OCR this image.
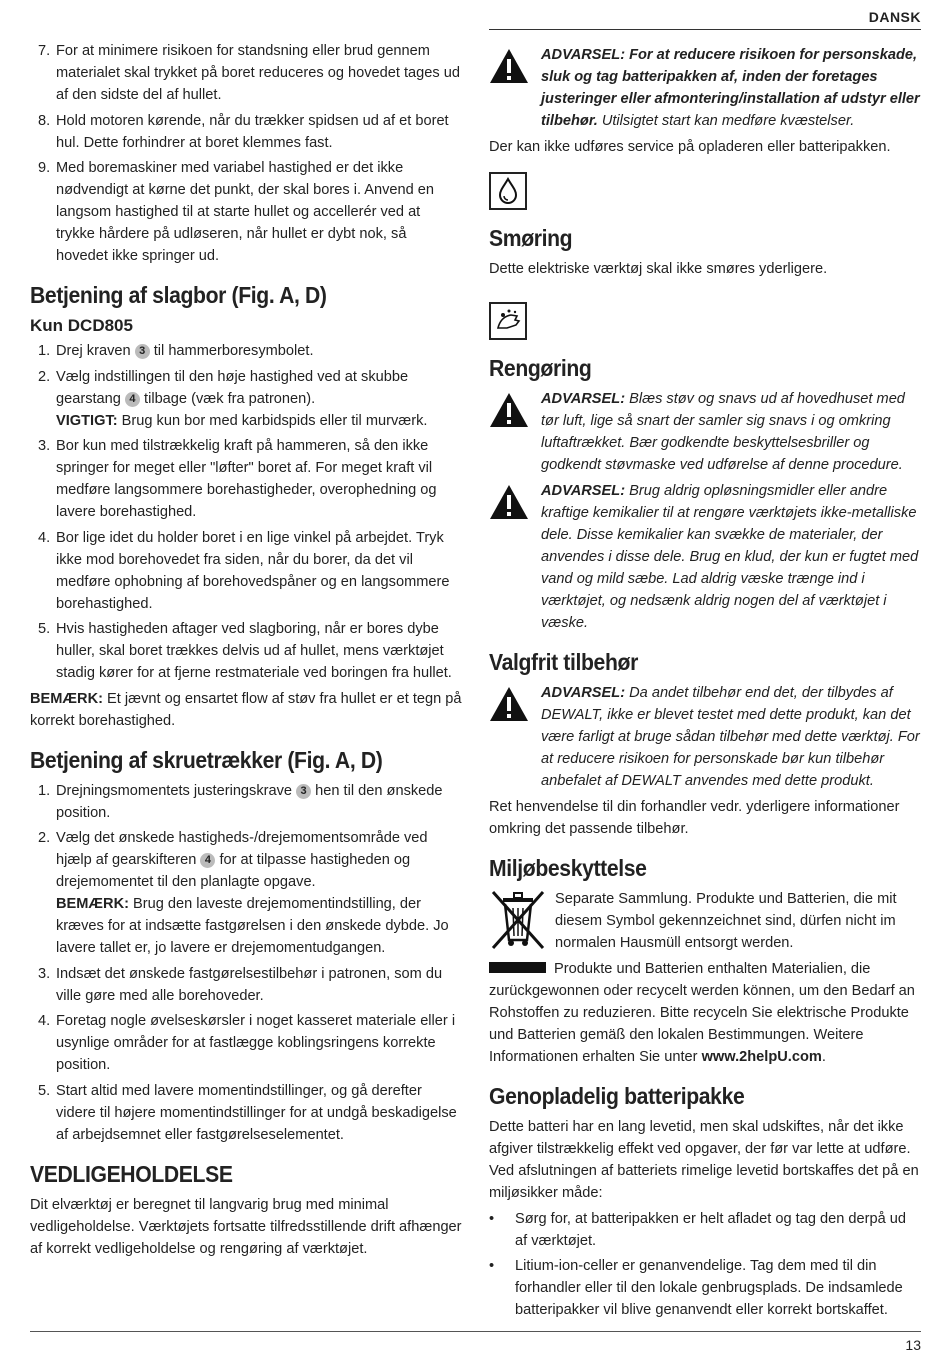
DANSK
7. For at minimere risikoen for standsning eller brud gennem materialet skal trykket på boret reduceres og hovedet tages ud af den sidste del af hullet.
8. Hold motoren kørende, når du trækker spidsen ud af et boret hul. Dette forhindrer at boret klemmes fast.
9. Med boremaskiner med variabel hastighed er det ikke nødvendigt at kørne det punkt, der skal bores i. Anvend en langsom hastighed til at starte hullet og accellerér ved at trykke hårdere på udløseren, når hullet er dybt nok, så hovedet ikke springer ud.
Betjening af slagbor (Fig. A, D)
Kun DCD805
1. Drej kraven 3 til hammerboresymbolet.
2. Vælg indstillingen til den høje hastighed ved at skubbe gearstang 4 tilbage (væk fra patronen).
VIGTIGT: Brug kun bor med karbidspids eller til murværk.
3. Bor kun med tilstrækkelig kraft på hammeren, så den ikke springer for meget eller "løfter" boret af. For meget kraft vil medføre langsommere borehastigheder, overophedning og lavere borehastighed.
4. Bor lige idet du holder boret i en lige vinkel på arbejdet. Tryk ikke mod borehovedet fra siden, når du borer, da det vil medføre ophobning af borehovedspåner og en langsommere borehastighed.
5. Hvis hastigheden aftager ved slagboring, når er bores dybe huller, skal boret trækkes delvis ud af hullet, mens værktøjet stadig kører for at fjerne restmateriale ved boringen fra hullet.

BEMÆRK: Et jævnt og ensartet flow af støv fra hullet er et tegn på korrekt borehastighed.

Betjening af skruetrækker (Fig. A, D)
1. Drejningsmomentets justeringskrave 3 hen til den ønskede position.
2. Vælg det ønskede hastigheds-/drejemomentsområde ved hjælp af gearskifteren 4 for at tilpasse hastigheden og drejemomentet til den planlagte opgave.
BEMÆRK: Brug den laveste drejemomentindstilling, der kræves for at indsætte fastgørelsen i den ønskede dybde. Jo lavere tallet er, jo lavere er drejemomentudgangen.
3. Indsæt det ønskede fastgørelsestilbehør i patronen, som du ville gøre med alle borehoveder.
4. Foretag nogle øvelseskørsler i noget kasseret materiale eller i usynlige områder for at fastlægge koblingsringens korrekte position.
5. Start altid med lavere momentindstillinger, og gå derefter videre til højere momentindstillinger for at undgå beskadigelse af arbejdsemnet eller fastgørelseselementet.
VEDLIGEHOLDELSE

Dit elværktøj er beregnet til langvarig brug med minimal vedligeholdelse. Værktøjets fortsatte tilfredsstillende drift afhænger af korrekt vedligeholdelse og rengøring af værktøjet.

ADVARSEL: For at reducere risikoen for personskade, sluk og tag batteripakken af, inden der foretages justeringer eller afmontering/installation af udstyr eller tilbehør. Utilsigtet start kan medføre kvæstelser.

Der kan ikke udføres service på opladeren eller batteripakken.

Smøring

Dette elektriske værktøj skal ikke smøres yderligere.

Rengøring
ADVARSEL: Blæs støv og snavs ud af hovedhuset med tør luft, lige så snart der samler sig snavs i og omkring luftaftrækket. Bær godkendte beskyttelsesbriller og godkendt støvmaske ved udførelse af denne procedure.
ADVARSEL: Brug aldrig opløsningsmidler eller andre kraftige kemikalier til at rengøre værktøjets ikke-metalliske dele. Disse kemikalier kan svække de materialer, der anvendes i disse dele. Brug en klud, der kun er fugtet med vand og mild sæbe. Lad aldrig væske trænge ind i værktøjet, og nedsænk aldrig nogen del af værktøjet i væske.
Valgfrit tilbehør
ADVARSEL: Da andet tilbehør end det, der tilbydes af DEWALT, ikke er blevet testet med dette produkt, kan det være farligt at bruge sådan tilbehør med dette værktøj. For at reducere risikoen for personskade bør kun tilbehør anbefalet af DEWALT anvendes med dette produkt.

Ret henvendelse til din forhandler vedr. yderligere informationer omkring det passende tilbehør.

Miljøbeskyttelse

Separate Sammlung. Produkte und Batterien, die mit diesem Symbol gekennzeichnet sind, dürfen nicht im normalen Hausmüll entsorgt werden.

Produkte und Batterien enthalten Materialien, die zurückgewonnen oder recycelt werden können, um den Bedarf an Rohstoffen zu reduzieren. Bitte recyceln Sie elektrische Produkte und Batterien gemäß den lokalen Bestimmungen. Weitere Informationen erhalten Sie unter www.2helpU.com.

Genopladelig batteripakke

Dette batteri har en lang levetid, men skal udskiftes, når det ikke afgiver tilstrækkelig effekt ved opgaver, der før var lette at udføre. Ved afslutningen af batteriets rimelige levetid bortskaffes det på en miljøsikker måde:

•	Sørg for, at batteripakken er helt afladet og tag den derpå ud af værktøjet.
•	Litium-ion-celler er genanvendelige. Tag dem med til din forhandler eller til den lokale genbrugsplads. De indsamlede batteripakker vil blive genanvendt eller korrekt bortskaffet.
13
